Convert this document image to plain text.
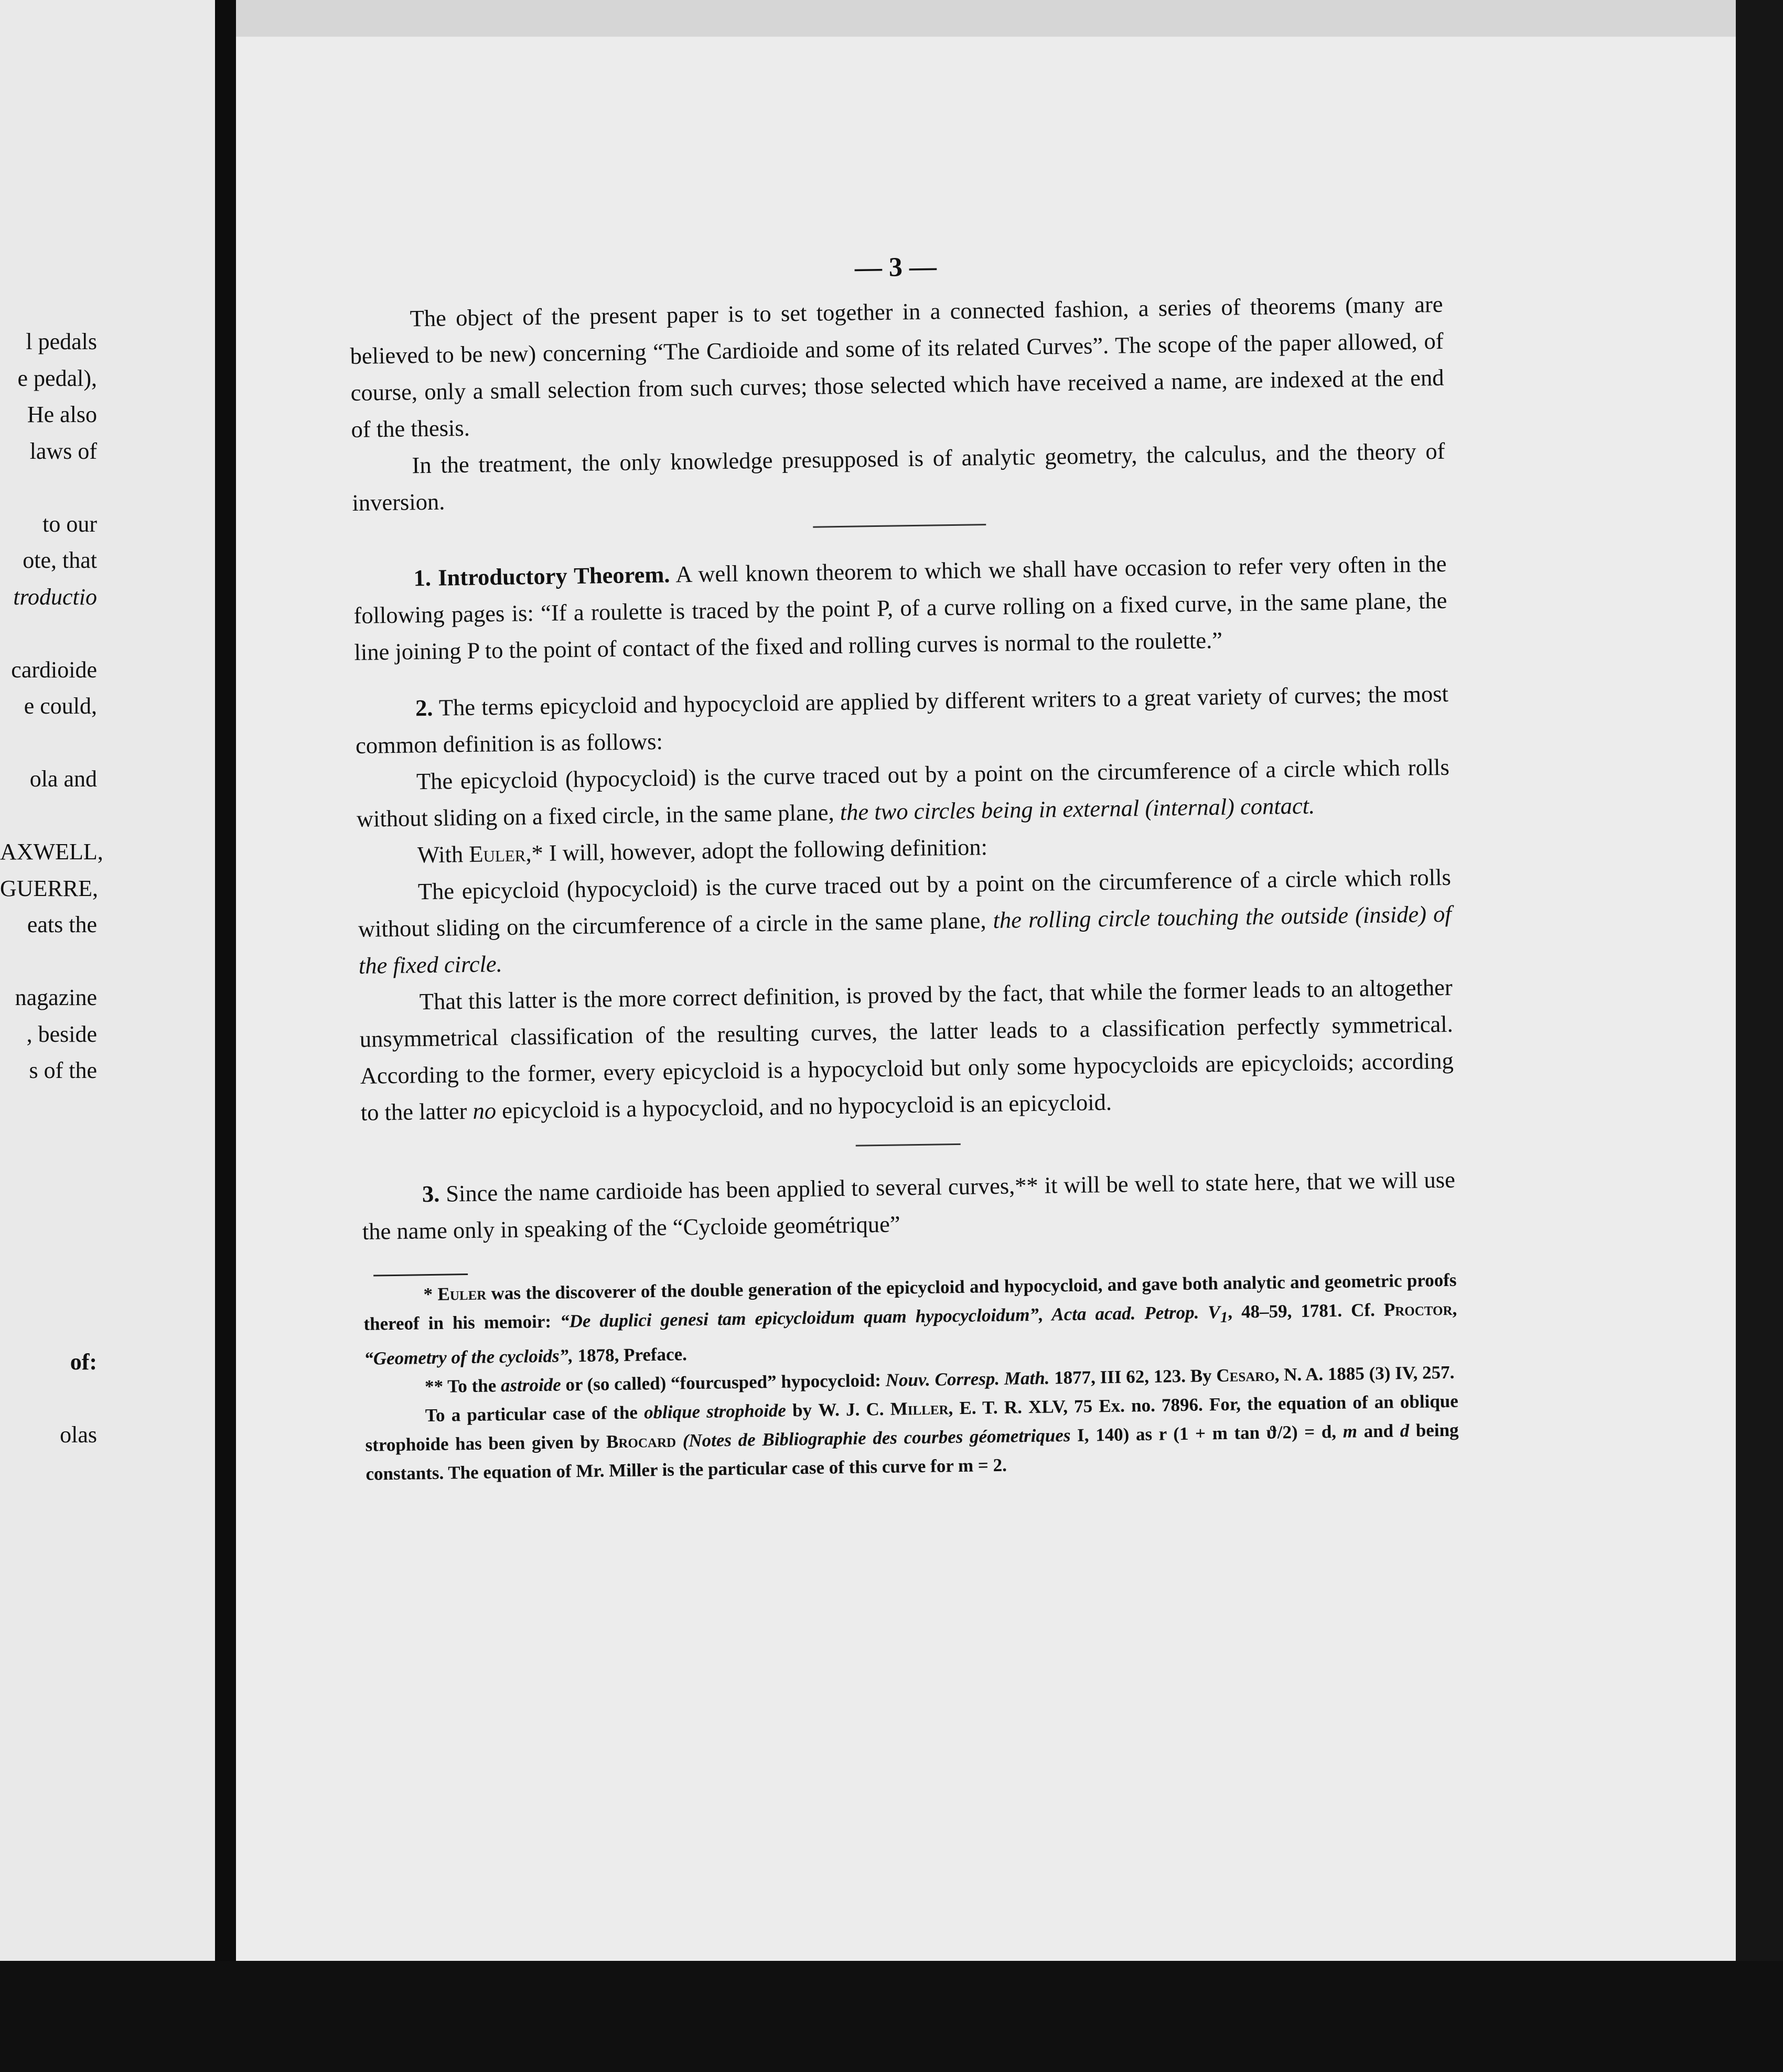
l pedals
e pedal),
He also
laws of
to our
ote, that
troductio
cardioide
e could,
ola and
AXWELL,
GUERRE,
eats the
nagazine
, beside
s of the
of:
olas
— 3 —

The object of the present paper is to set together in a connected fashion, a series of theorems (many are believed to be new) concerning “The Cardioide and some of its related Curves”. The scope of the paper allowed, of course, only a small selection from such curves; those selected which have received a name, are indexed at the end of the thesis.

In the treatment, the only knowledge presupposed is of analytic geometry, the calculus, and the theory of inversion.

1. Introductory Theorem. A well known theorem to which we shall have occasion to refer very often in the following pages is: “If a roulette is traced by the point P, of a curve rolling on a fixed curve, in the same plane, the line joining P to the point of contact of the fixed and rolling curves is normal to the roulette.”

2. The terms epicycloid and hypocycloid are applied by different writers to a great variety of curves; the most common definition is as follows:

The epicycloid (hypocycloid) is the curve traced out by a point on the circumference of a circle which rolls without sliding on a fixed circle, in the same plane, the two circles being in external (internal) contact.

With Euler,* I will, however, adopt the following definition:

The epicycloid (hypocycloid) is the curve traced out by a point on the circumference of a circle which rolls without sliding on the circumference of a circle in the same plane, the rolling circle touching the outside (inside) of the fixed circle.

That this latter is the more correct definition, is proved by the fact, that while the former leads to an altogether unsymmetrical classification of the resulting curves, the latter leads to a classification perfectly symmetrical. According to the former, every epicycloid is a hypocycloid but only some hypocycloids are epicycloids; according to the latter no epicycloid is a hypocycloid, and no hypocycloid is an epicycloid.

3. Since the name cardioide has been applied to several curves,** it will be well to state here, that we will use the name only in speaking of the “Cycloide geométrique”

* Euler was the discoverer of the double generation of the epicycloid and hypocycloid, and gave both analytic and geometric proofs thereof in his memoir: “De duplici genesi tam epicycloidum quam hypocycloidum”, Acta acad. Petrop. $V_1$, 48–59, 1781. Cf. Proctor, “Geometry of the cycloids”, 1878, Preface.

** To the astroide or (so called) “fourcusped” hypocycloid: Nouv. Corresp. Math. 1877, III 62, 123. By Cesaro, N. A. 1885 (3) IV, 257.

To a particular case of the oblique strophoide by W. J. C. Miller, E. T. R. XLV, 75 Ex. no. 7896. For, the equation of an oblique strophoide has been given by Brocard (Notes de Bibliographie des courbes géometriques I, 140) as r (1 + m tan ϑ/2) = d, m and d being constants. The equation of Mr. Miller is the particular case of this curve for m = 2.
